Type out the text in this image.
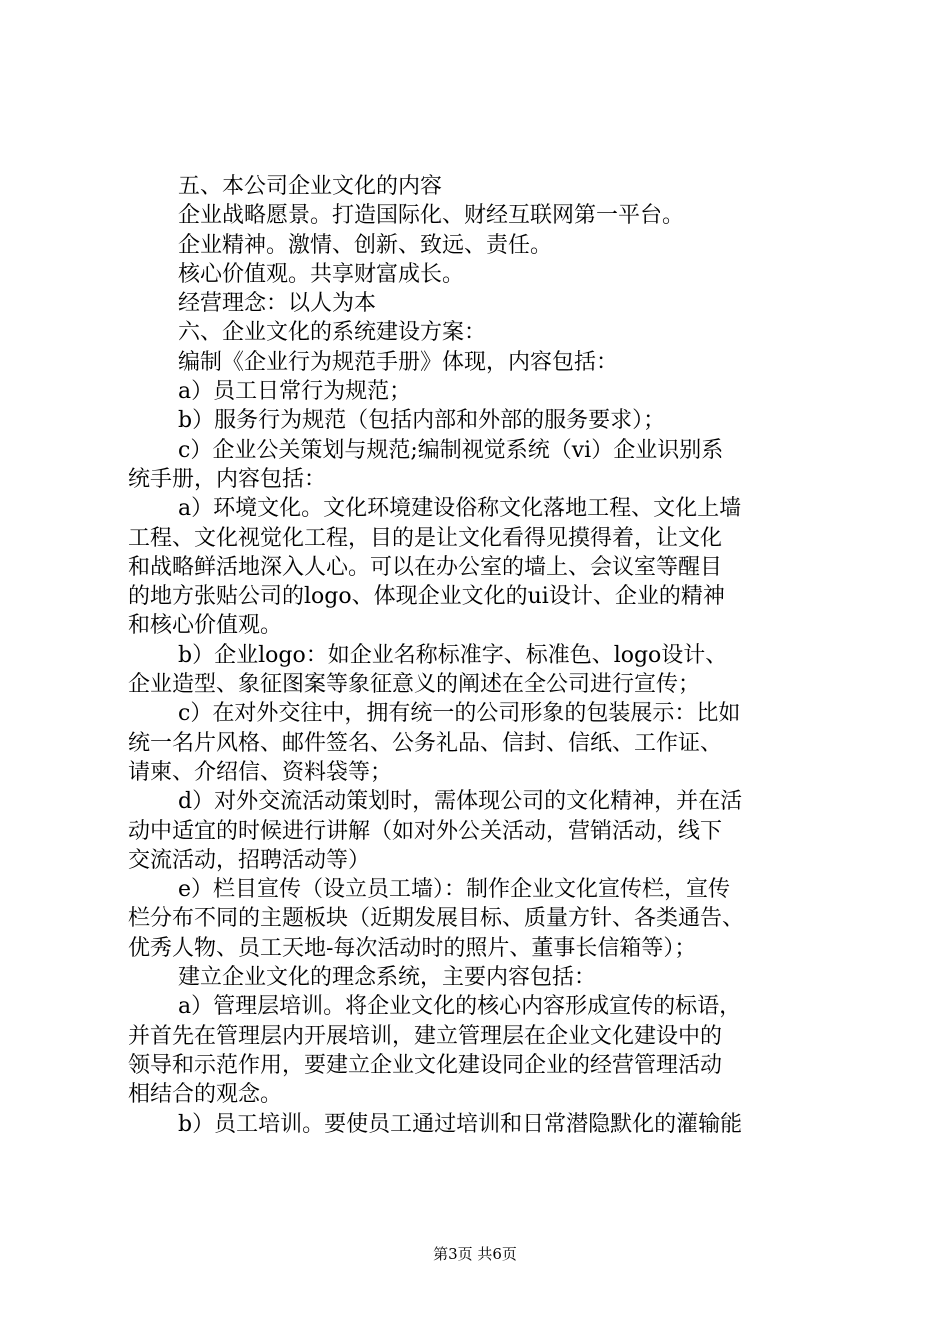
五、本公司企业文化的内容

企业战略愿景。打造国际化、财经互联网第一平台。

企业精神。激情、创新、致远、责任。

核心价值观。共享财富成长。

经营理念：以人为本

六、企业文化的系统建设方案：

编制《企业行为规范手册》体现，内容包括：

a）员工日常行为规范；

b）服务行为规范（包括内部和外部的服务要求）；

c）企业公关策划与规范;编制视觉系统（vi）企业识别系

统手册，内容包括：

a）环境文化。文化环境建设俗称文化落地工程、文化上墙

工程、文化视觉化工程，目的是让文化看得见摸得着，让文化

和战略鲜活地深入人心。可以在办公室的墙上、会议室等醒目

的地方张贴公司的logo、体现企业文化的ui设计、企业的精神

和核心价值观。

b）企业logo：如企业名称标准字、标准色、logo设计、

企业造型、象征图案等象征意义的阐述在全公司进行宣传；

c）在对外交往中，拥有统一的公司形象的包装展示：比如

统一名片风格、邮件签名、公务礼品、信封、信纸、工作证、

请柬、介绍信、资料袋等；

d）对外交流活动策划时，需体现公司的文化精神，并在活

动中适宜的时候进行讲解（如对外公关活动，营销活动，线下

交流活动，招聘活动等）

e）栏目宣传（设立员工墙）：制作企业文化宣传栏，宣传

栏分布不同的主题板块（近期发展目标、质量方针、各类通告、

优秀人物、员工天地-每次活动时的照片、董事长信箱等）；

建立企业文化的理念系统，主要内容包括：

a）管理层培训。将企业文化的核心内容形成宣传的标语，

并首先在管理层内开展培训，建立管理层在企业文化建设中的

领导和示范作用，要建立企业文化建设同企业的经营管理活动

相结合的观念。

b）员工培训。要使员工通过培训和日常潜隐默化的灌输能

第3页 共6页
